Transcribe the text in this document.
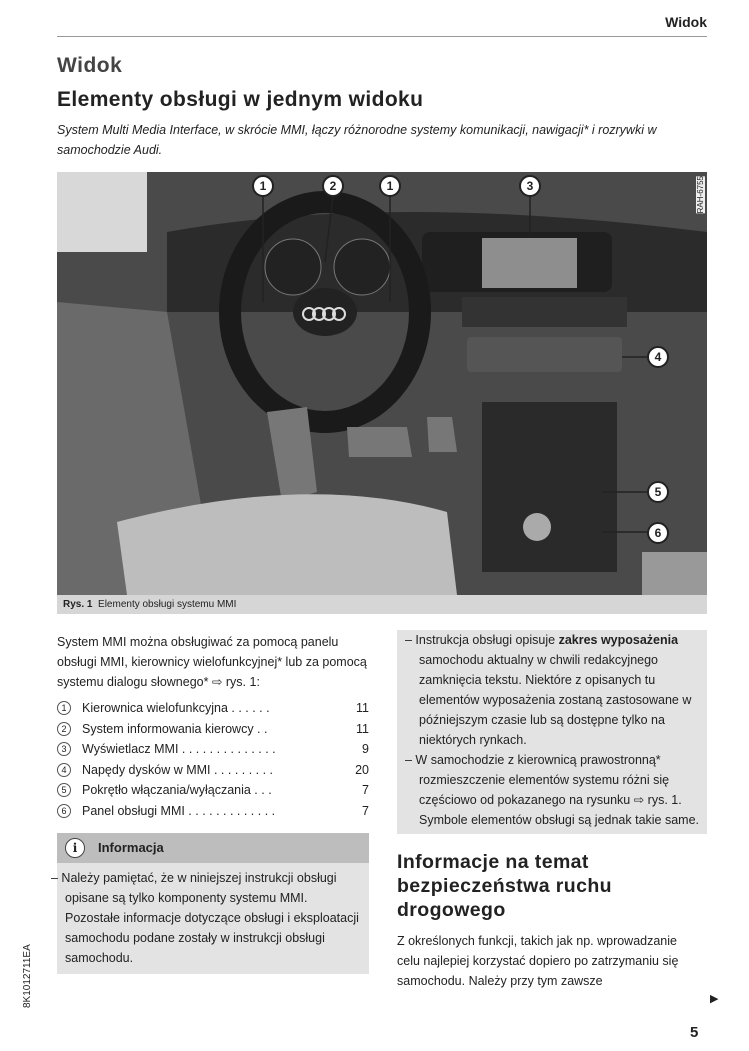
Widok
Widok
Elementy obsługi w jednym widoku
System Multi Media Interface, w skrócie MMI, łączy różnorodne systemy komunikacji, nawigacji* i rozrywki w samochodzie Audi.
1	2	1	3
4
5
6
RAH-6755
Rys. 1 Elementy obsługi systemu MMI
System MMI można obsługiwać za pomocą panelu obsługi MMI, kierownicy wielofunkcyjnej* lub za pomocą systemu dialogu słownego* ⇨ rys. 1:
1	Kierownica wielofunkcyjna . . . . . .	11
2	System informowania kierowcy . .	11
3	Wyświetlacz MMI . . . . . . . . . . . . . .	9
4	Napędy dysków w MMI . . . . . . . . .	20
5	Pokrętło włączania/wyłączania . . .	7
6	Panel obsługi MMI . . . . . . . . . . . . .	7
i	Informacja
– Należy pamiętać, że w niniejszej instrukcji obsługi opisane są tylko komponenty systemu MMI. Pozostałe informacje dotyczące obsługi i eksploatacji samochodu podane zostały w instrukcji obsługi samochodu.
– Instrukcja obsługi opisuje zakres wyposażenia samochodu aktualny w chwili redakcyjnego zamknięcia tekstu. Niektóre z opisanych tu elementów wyposażenia zostaną zastosowane w późniejszym czasie lub są dostępne tylko na niektórych rynkach.
– W samochodzie z kierownicą prawostronną* rozmieszczenie elementów systemu różni się częściowo od pokazanego na rysunku ⇨ rys. 1. Symbole elementów obsługi są jednak takie same.
Informacje na temat bezpieczeństwa ruchu drogowego
Z określonych funkcji, takich jak np. wprowadzanie celu najlepiej korzystać dopiero po zatrzymaniu się samochodu. Należy przy tym zawsze
▶
5
8K1012711EA
